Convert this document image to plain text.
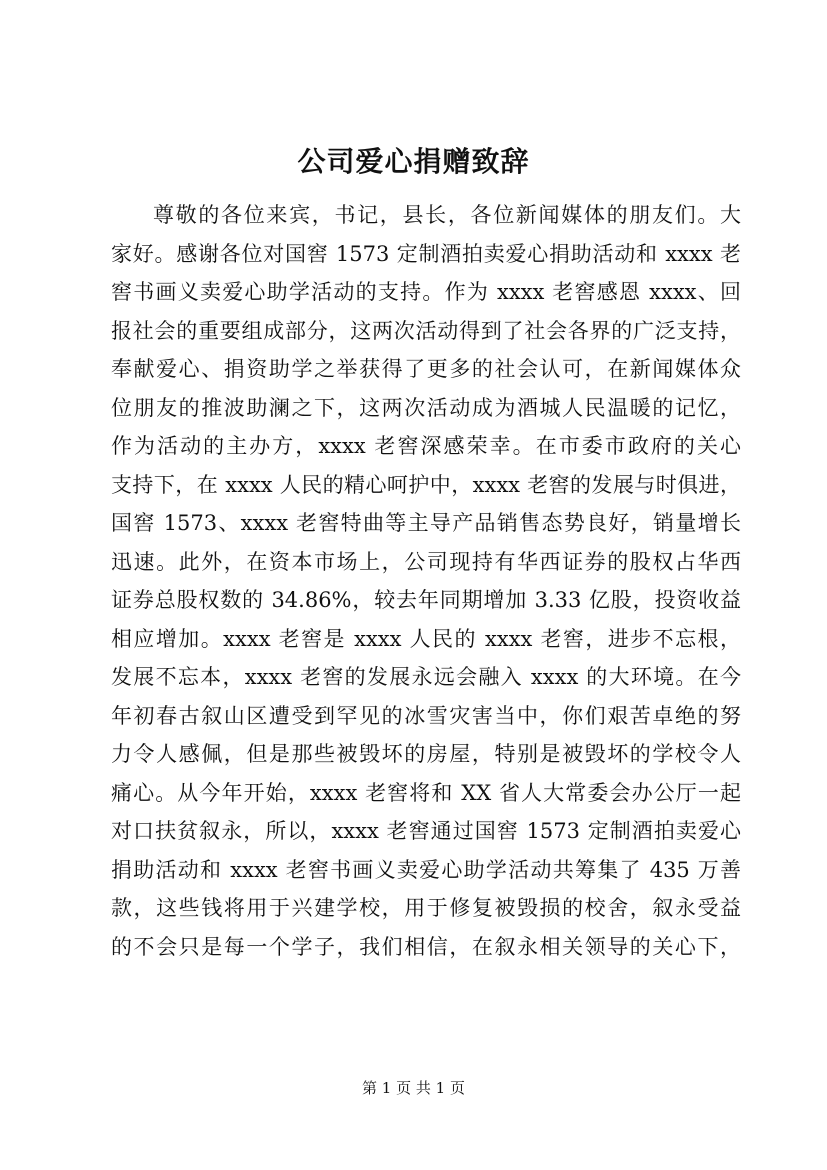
公司爱心捐赠致辞
尊敬的各位来宾，书记，县长，各位新闻媒体的朋友们。大
家好。感谢各位对国窖 1573 定制酒拍卖爱心捐助活动和 xxxx 老
窖书画义卖爱心助学活动的支持。作为 xxxx 老窖感恩 xxxx、回
报社会的重要组成部分，这两次活动得到了社会各界的广泛支持，
奉献爱心、捐资助学之举获得了更多的社会认可，在新闻媒体众
位朋友的推波助澜之下，这两次活动成为酒城人民温暖的记忆，
作为活动的主办方，xxxx 老窖深感荣幸。在市委市政府的关心
支持下，在 xxxx 人民的精心呵护中，xxxx 老窖的发展与时俱进，
国窖 1573、xxxx 老窖特曲等主导产品销售态势良好，销量增长
迅速。此外，在资本市场上，公司现持有华西证券的股权占华西
证券总股权数的 34.86%，较去年同期增加 3.33 亿股，投资收益
相应增加。xxxx 老窖是 xxxx 人民的 xxxx 老窖，进步不忘根，
发展不忘本，xxxx 老窖的发展永远会融入 xxxx 的大环境。在今
年初春古叙山区遭受到罕见的冰雪灾害当中，你们艰苦卓绝的努
力令人感佩，但是那些被毁坏的房屋，特别是被毁坏的学校令人
痛心。从今年开始，xxxx 老窖将和 XX 省人大常委会办公厅一起
对口扶贫叙永，所以，xxxx 老窖通过国窖 1573 定制酒拍卖爱心
捐助活动和 xxxx 老窖书画义卖爱心助学活动共筹集了 435 万善
款，这些钱将用于兴建学校，用于修复被毁损的校舍，叙永受益
的不会只是每一个学子，我们相信，在叙永相关领导的关心下，
第 1 页 共 1 页
